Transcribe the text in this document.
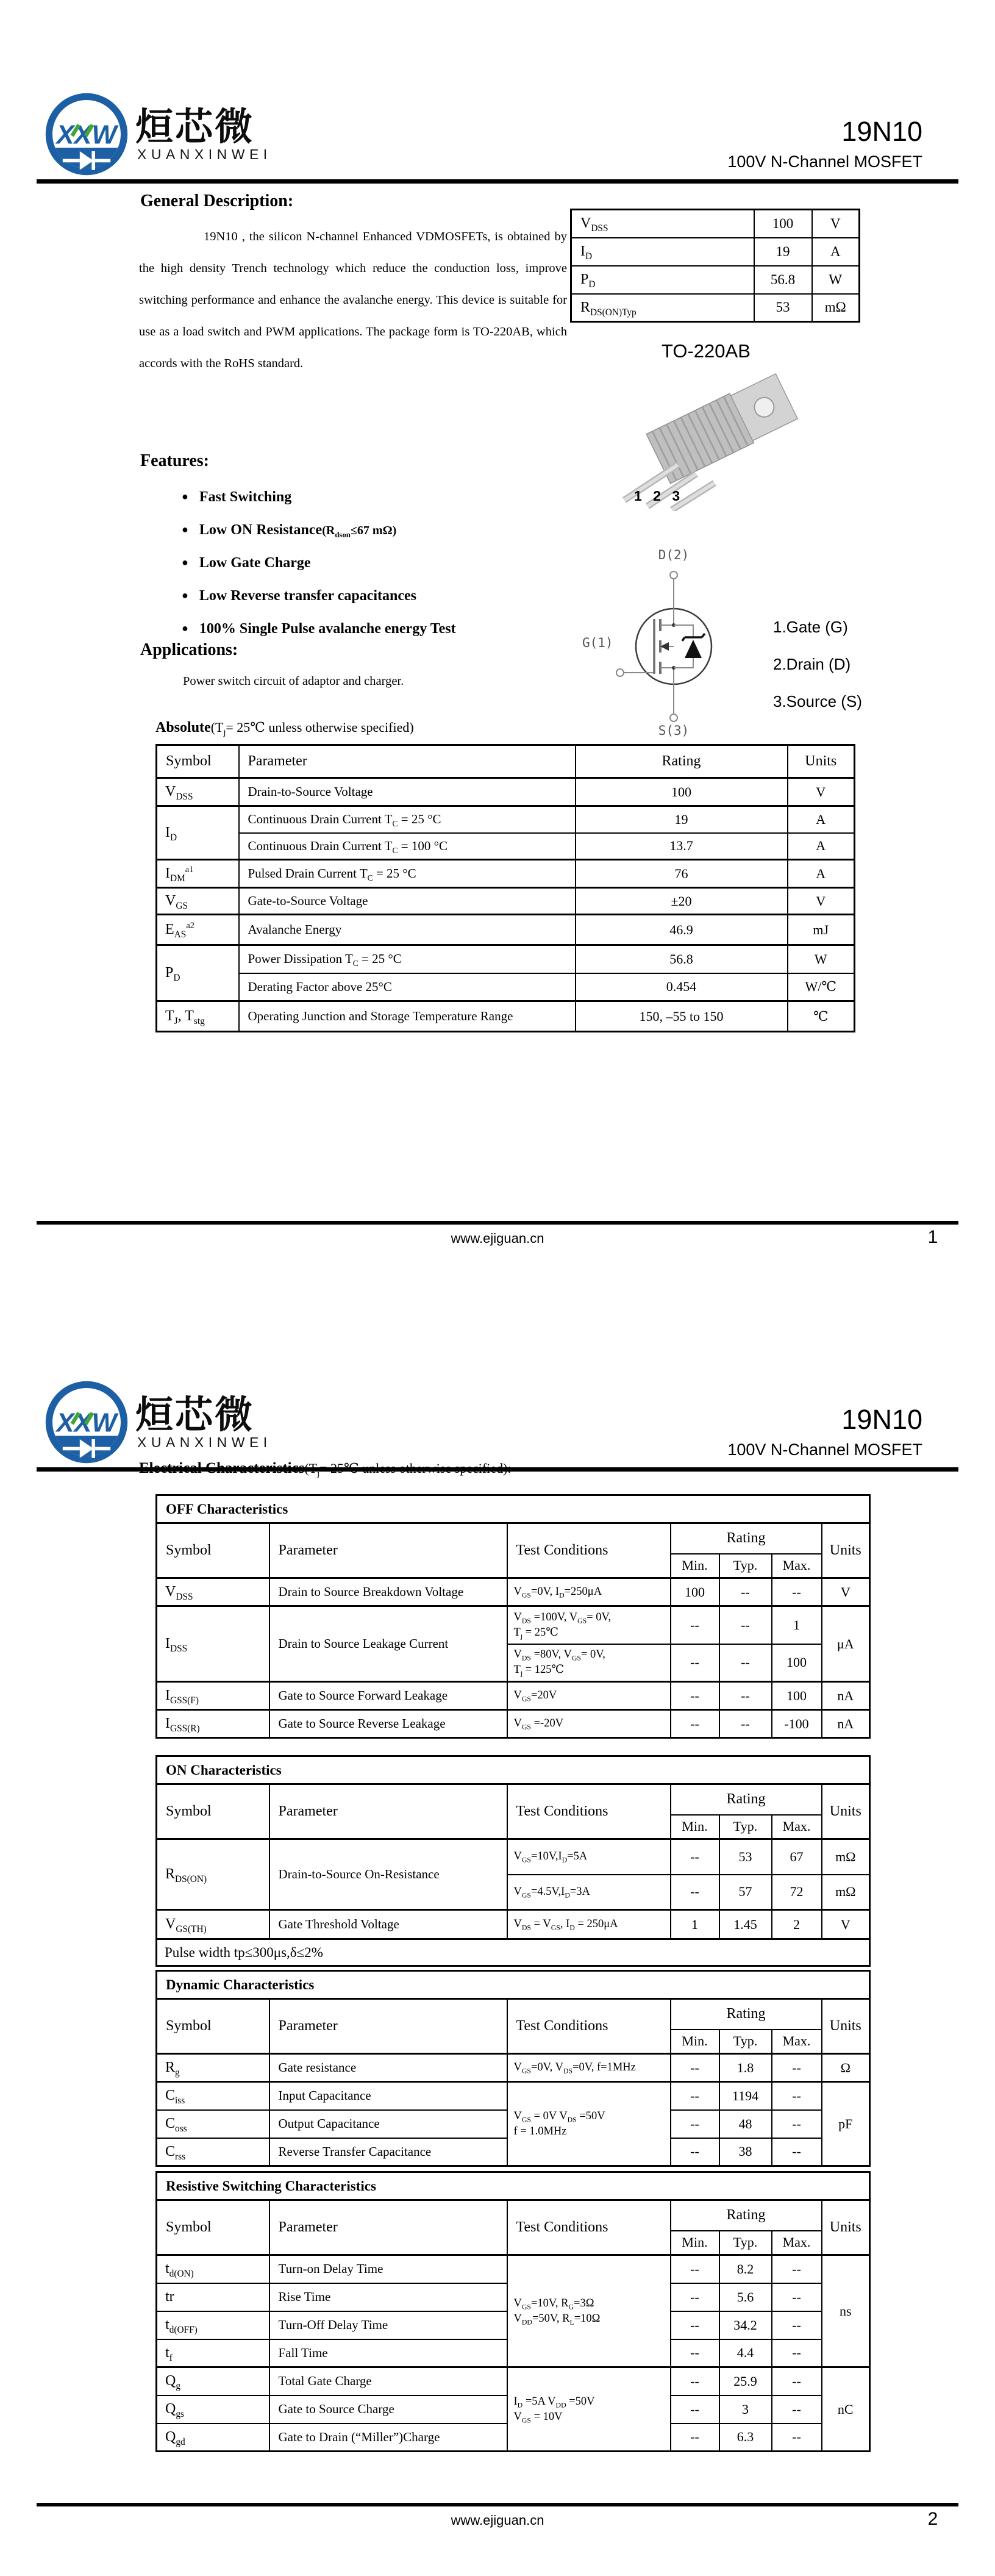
XXW 烜芯微
XUANXINWEI
19N10
100V N-Channel MOSFET
General Description:
19N10 , the silicon N-channel Enhanced VDMOSFETs, is obtained by the high density Trench technology which reduce the conduction loss, improve switching performance and enhance the avalanche energy. This device is suitable for use as a load switch and PWM applications. The package form is TO-220AB, which accords with the RoHS standard.
Features:
● Fast Switching
● Low ON $Resistance(R_{dson}\le 67$ mΩ)
● Low Gate Charge
● Low Reverse transfer capacitances
● 100% Single Pulse avalanche energy Test
Applications:
Power switch circuit of adaptor and charger.
$V_{DSS}$	100	V
$I_D$	19	A
$P_D$	56.8	W
$R_{DS(ON)Typ}$	53	mΩ
TO-220AB
1 2 3
D(2)
G(1)
S(3)
1.Gate (G)
2.Drain (D)
3.Source (S)
$Absolute(T_j=$ 25℃ unless otherwise specified)
Symbol	Parameter	Rating	Units
$V_{DSS}$	Drain-to-Source Voltage	100	V
$I_D$	Continuous Drain Current $T_C = 25$ °C	19	A
	Continuous Drain Current $T_C = 100$ °C	13.7	A
$I_{DM}^{a1}$	Pulsed Drain Current $T_C = 25$ °C	76	A
$V_{GS}$	Gate-to-Source Voltage	±20	V
$E_{AS}^{a2}$	Avalanche Energy	46.9	mJ
$P_D$	Power Dissipation $T_C = 25$ °C	56.8	W
	Derating Factor above 25°C	0.454	W/℃
$T_J$, $T_{stg}$	Operating Junction and Storage Temperature Range	150, –55 to 150	℃
www.ejiguan.cn	1
XXW 烜芯微
XUANXINWEI
19N10
100V N-Channel MOSFET
Electrical $Characteristics(T_j=$ 25℃ unless otherwise specified):
OFF Characteristics						
Symbol	Parameter	Test Conditions	Rating			Units
			Min.	Typ.	Max.	
$V_{DSS}$	Drain to Source Breakdown Voltage	$V_{GS}=0V$, $I_D=250\mu A$	100	--	--	V
$I_{DSS}$	Drain to Source Leakage Current	$V_{DS} =100V$, $V_{GS}= 0V$,
$T_j$ = 25℃	--	--	1	μA
		$V_{DS} =80V$, $V_{GS}= 0V$,
$T_j$ = 125℃	--	--	100	
$I_{GSS(F)}$	Gate to Source Forward Leakage	$V_{GS}=20V$	--	--	100	nA
$I_{GSS(R)}$	Gate to Source Reverse Leakage	$V_{GS} =-20V$	--	--	-100	nA
ON Characteristics						
Symbol	Parameter	Test Conditions	Rating			Units
			Min.	Typ.	Max.	
$R_{DS(ON)}$	Drain-to-Source On-Resistance	$V_{GS}=10V,I_D=5A$	--	53	67	mΩ
		$V_{GS}=4.5V,I_D=3A$	--	57	72	mΩ
$V_{GS(TH)}$	Gate Threshold Voltage	$V_{DS} = V_{GS}$, $I_D = 250\mu A$	1	1.45	2	V
Pulse width tp≤300μs,δ≤2%						
Dynamic Characteristics						
Symbol	Parameter	Test Conditions	Rating			Units
			Min.	Typ.	Max.	
$R_g$	Gate resistance	$V_{GS}=0V$, $V_{DS}=0V$, f=1MHz	--	1.8	--	Ω
$C_{iss}$	Input Capacitance	$V_{GS} = 0V$ $V_{DS} =50V$
f = 1.0MHz	--	1194	--	pF
$C_{oss}$	Output Capacitance		--	48	--	
$C_{rss}$	Reverse Transfer Capacitance		--	38	--	
Resistive Switching Characteristics						
Symbol	Parameter	Test Conditions	Rating			Units
			Min.	Typ.	Max.	
$t_{d(ON)}$	Turn-on Delay Time	$V_{GS}=10V$, $R_G=3\Omega$
$V_{DD}=50V$, $R_L=10\Omega$	--	8.2	--	ns
tr	Rise Time		--	5.6	--	
$t_{d(OFF)}$	Turn-Off Delay Time		--	34.2	--	
$t_f$	Fall Time		--	4.4	--	
$Q_g$	Total Gate Charge	$I_D =5A$ $V_{DD} =50V$
$V_{GS} = 10V$	--	25.9	--	nC
$Q_{gs}$	Gate to Source Charge		--	3	--	
$Q_{gd}$	Gate to Drain (“Miller”)Charge		--	6.3	--	
www.ejiguan.cn	2
